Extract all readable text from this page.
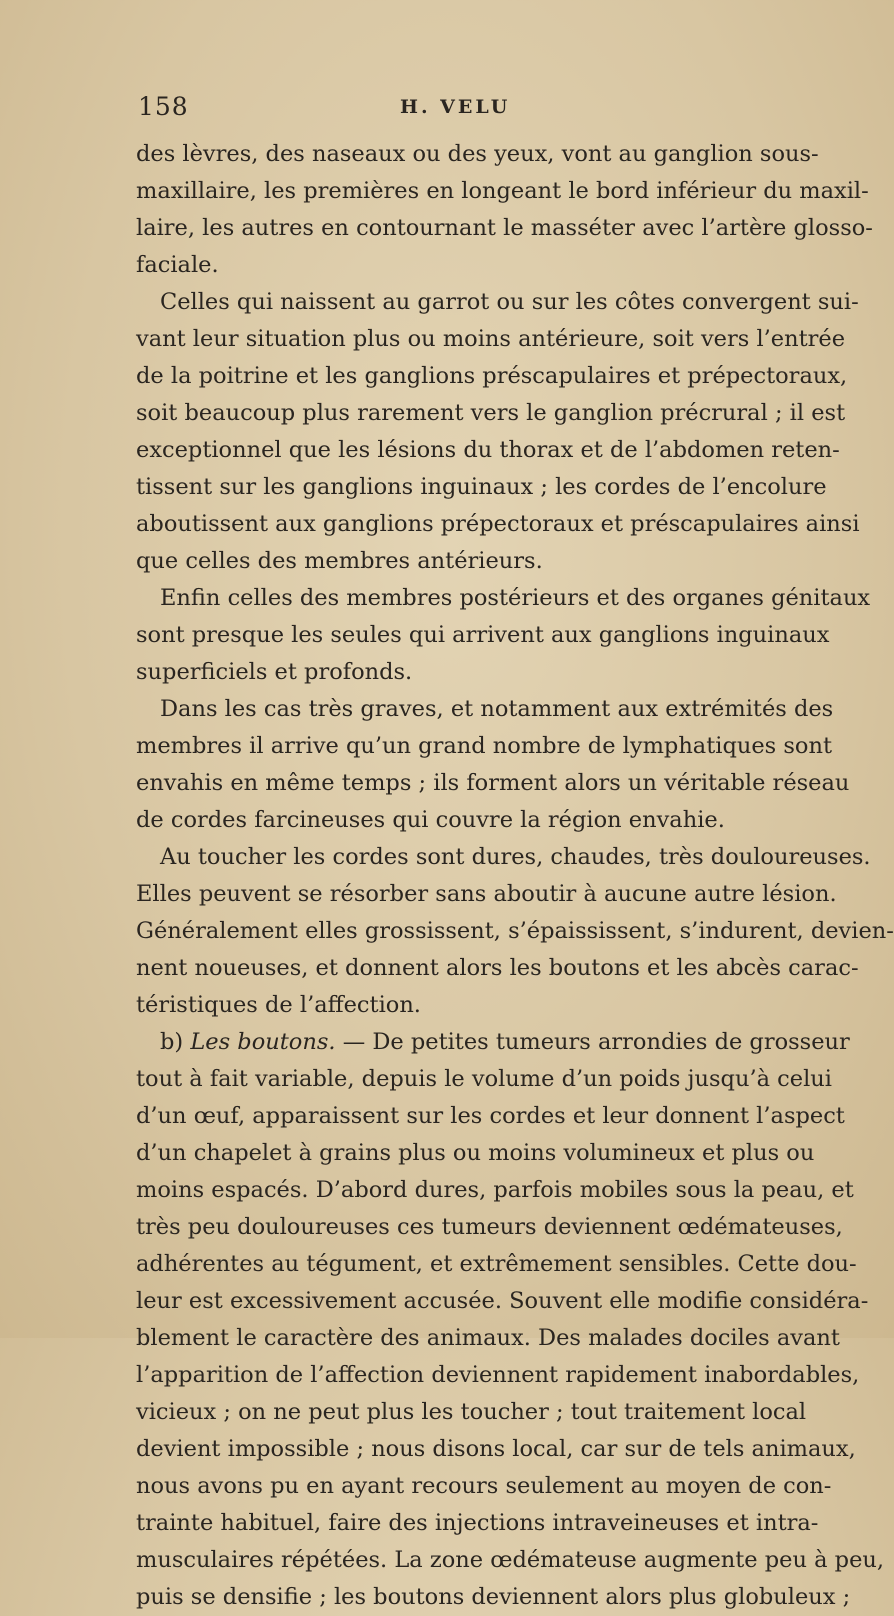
158	H. VELU
des lèvres, des naseaux ou des yeux, vont au ganglion sous-
maxillaire, les premières en longeant le bord inférieur du maxil-
laire, les autres en contournant le masséter avec l’artère glosso-
faciale.
Celles qui naissent au garrot ou sur les côtes convergent sui-
vant leur situation plus ou moins antérieure, soit vers l’entrée
de la poitrine et les ganglions préscapulaires et prépectoraux,
soit beaucoup plus rarement vers le ganglion précrural ; il est
exceptionnel que les lésions du thorax et de l’abdomen reten-
tissent sur les ganglions inguinaux ; les cordes de l’encolure
aboutissent aux ganglions prépectoraux et préscapulaires ainsi
que celles des membres antérieurs.
Enfin celles des membres postérieurs et des organes génitaux
sont presque les seules qui arrivent aux ganglions inguinaux
superficiels et profonds.
Dans les cas très graves, et notamment aux extrémités des
membres il arrive qu’un grand nombre de lymphatiques sont
envahis en même temps ; ils forment alors un véritable réseau
de cordes farcineuses qui couvre la région envahie.
Au toucher les cordes sont dures, chaudes, très douloureuses.
Elles peuvent se résorber sans aboutir à aucune autre lésion.
Généralement elles grossissent, s’épaississent, s’indurent, devien-
nent noueuses, et donnent alors les boutons et les abcès carac-
téristiques de l’affection.
b) Les boutons. — De petites tumeurs arrondies de grosseur
tout à fait variable, depuis le volume d’un poids jusqu’à celui
d’un œuf, apparaissent sur les cordes et leur donnent l’aspect
d’un chapelet à grains plus ou moins volumineux et plus ou
moins espacés. D’abord dures, parfois mobiles sous la peau, et
très peu douloureuses ces tumeurs deviennent œdémateuses,
adhérentes au tégument, et extrêmement sensibles. Cette dou-
leur est excessivement accusée. Souvent elle modifie considéra-
blement le caractère des animaux. Des malades dociles avant
l’apparition de l’affection deviennent rapidement inabordables,
vicieux ; on ne peut plus les toucher ; tout traitement local
devient impossible ; nous disons local, car sur de tels animaux,
nous avons pu en ayant recours seulement au moyen de con-
trainte habituel, faire des injections intraveineuses et intra-
musculaires répétées. La zone œdémateuse augmente peu à peu,
puis se densifie ; les boutons deviennent alors plus globuleux ;
